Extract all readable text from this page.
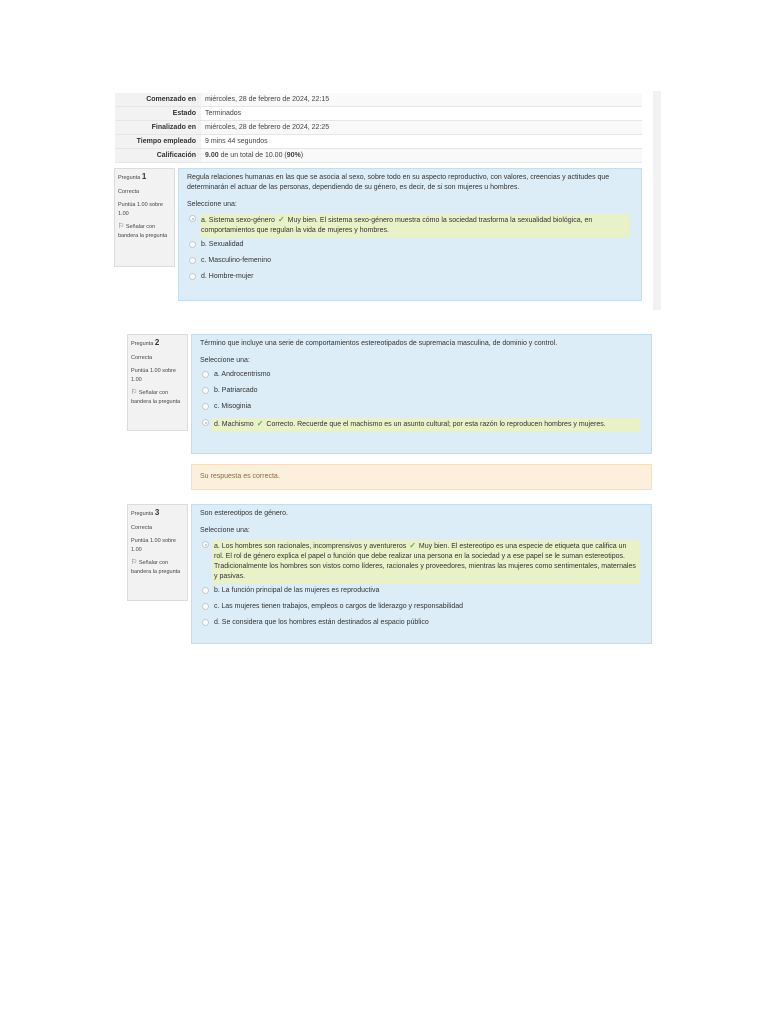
Comenzado en	miércoles, 28 de febrero de 2024, 22:15
Estado	Terminados
Finalizado en	miércoles, 28 de febrero de 2024, 22:25
Tiempo empleado	9 mins 44 segundos
Calificación	9.00 de un total de 10.00 (90%)
Pregunta 1
Correcta
Puntúa 1.00 sobre 1.00
⚐ Señalar con bandera la pregunta
Regula relaciones humanas en las que se asocia al sexo, sobre todo en su aspecto reproductivo, con valores, creencias y actitudes que determinarán el actuar de las personas, dependiendo de su género, es decir, de si son mujeres u hombres.
Seleccione una:
a. Sistema sexo-género ✓ Muy bien. El sistema sexo-género muestra cómo la sociedad trasforma la sexualidad biológica, en comportamientos que regulan la vida de mujeres y hombres.
b. Sexualidad
c. Masculino-femenino
d. Hombre-mujer
Pregunta 2
Correcta
Puntúa 1.00 sobre 1.00
⚐ Señalar con bandera la pregunta
Término que incluye una serie de comportamientos estereotipados de supremacía masculina, de dominio y control.
Seleccione una:
a. Androcentrismo
b. Patriarcado
c. Misoginia
d. Machismo ✓ Correcto. Recuerde que el machismo es un asunto cultural; por esta razón lo reproducen hombres y mujeres.
Su respuesta es correcta.
Pregunta 3
Correcta
Puntúa 1.00 sobre 1.00
⚐ Señalar con bandera la pregunta
Son estereotipos de género.
Seleccione una:
a. Los hombres son racionales, incomprensivos y aventureros ✓ Muy bien. El estereotipo es una especie de etiqueta que califica un rol. El rol de género explica el papel o función que debe realizar una persona en la sociedad y a ese papel se le suman estereotipos. Tradicionalmente los hombres son vistos como líderes, racionales y proveedores, mientras las mujeres como sentimentales, maternales y pasivas.
b. La función principal de las mujeres es reproductiva
c. Las mujeres tienen trabajos, empleos o cargos de liderazgo y responsabilidad
d. Se considera que los hombres están destinados al espacio público
